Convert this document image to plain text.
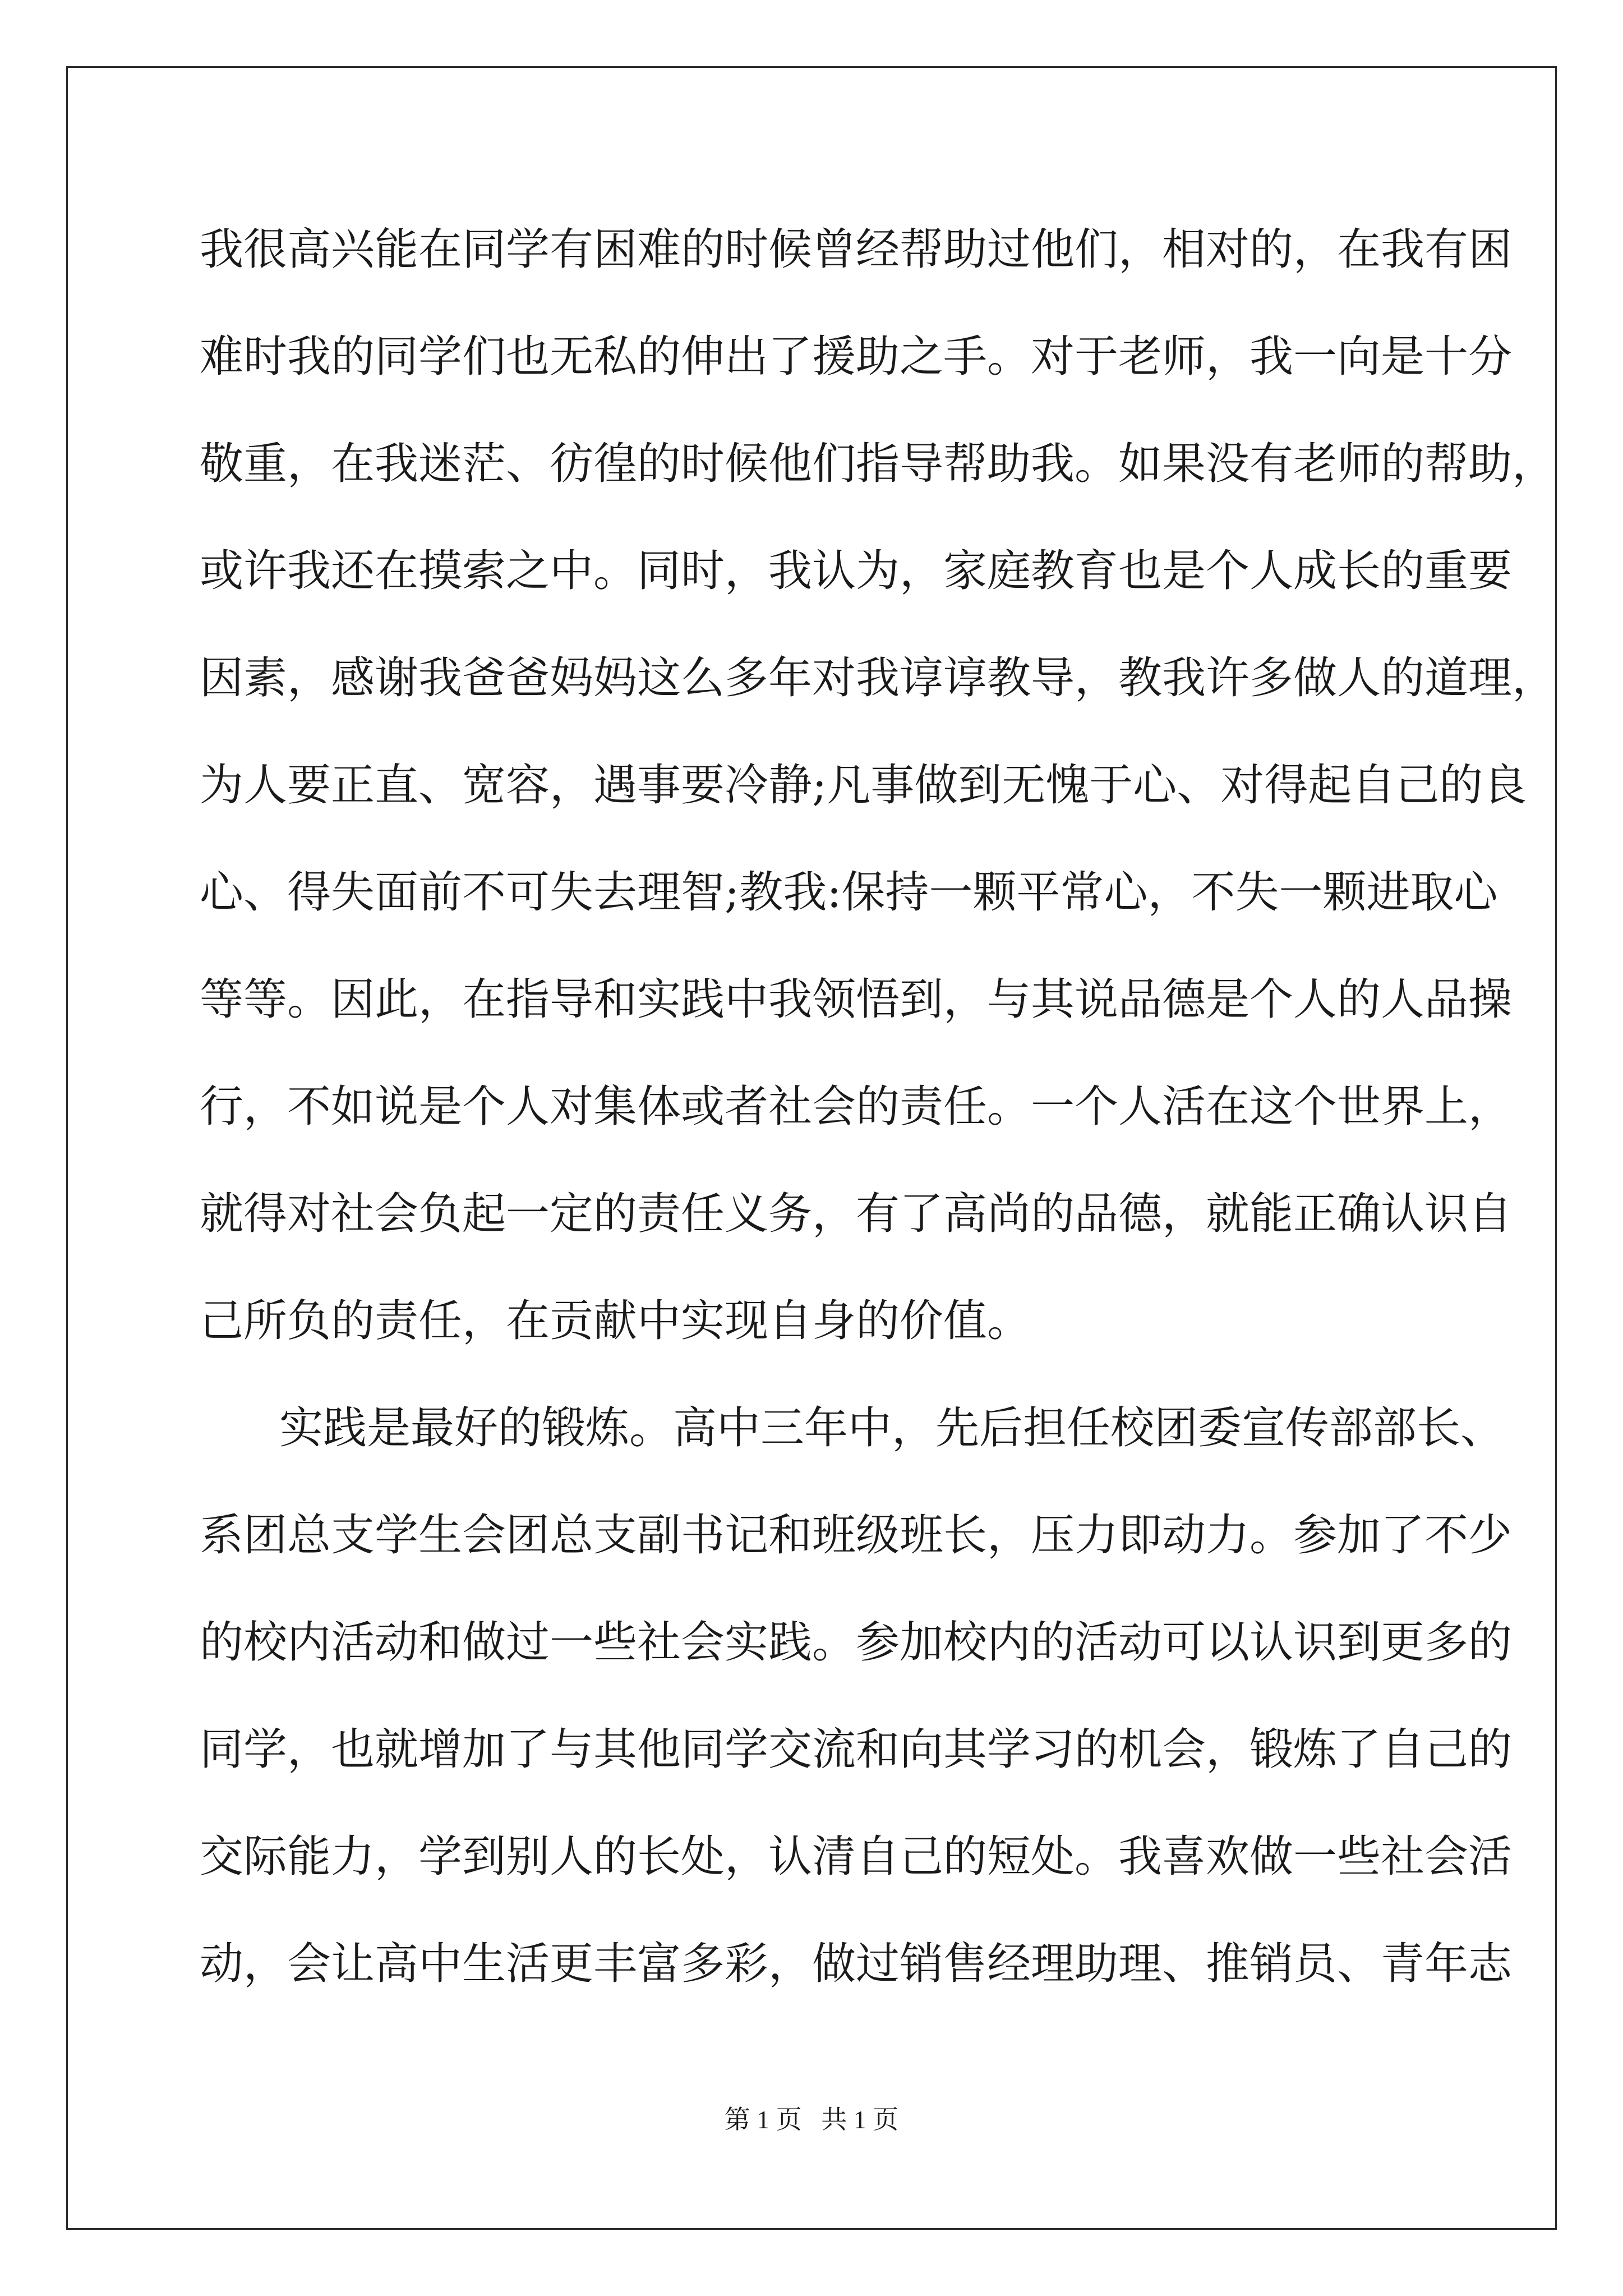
我很高兴能在同学有困难的时候曾经帮助过他们，相对的，在我有困
难时我的同学们也无私的伸出了援助之手。对于老师，我一向是十分
敬重，在我迷茫、彷徨的时候他们指导帮助我。如果没有老师的帮助，
或许我还在摸索之中。同时，我认为，家庭教育也是个人成长的重要
因素，感谢我爸爸妈妈这么多年对我谆谆教导，教我许多做人的道理，
为人要正直、宽容，遇事要冷静;凡事做到无愧于心、对得起自己的良
心、得失面前不可失去理智;教我:保持一颗平常心，不失一颗进取心
等等。因此，在指导和实践中我领悟到，与其说品德是个人的人品操
行，不如说是个人对集体或者社会的责任。一个人活在这个世界上，
就得对社会负起一定的责任义务，有了高尚的品德，就能正确认识自
己所负的责任，在贡献中实现自身的价值。
实践是最好的锻炼。高中三年中，先后担任校团委宣传部部长、
系团总支学生会团总支副书记和班级班长，压力即动力。参加了不少
的校内活动和做过一些社会实践。参加校内的活动可以认识到更多的
同学，也就增加了与其他同学交流和向其学习的机会，锻炼了自己的
交际能力，学到别人的长处，认清自己的短处。我喜欢做一些社会活
动，会让高中生活更丰富多彩，做过销售经理助理、推销员、青年志
第 1 页   共 1 页
